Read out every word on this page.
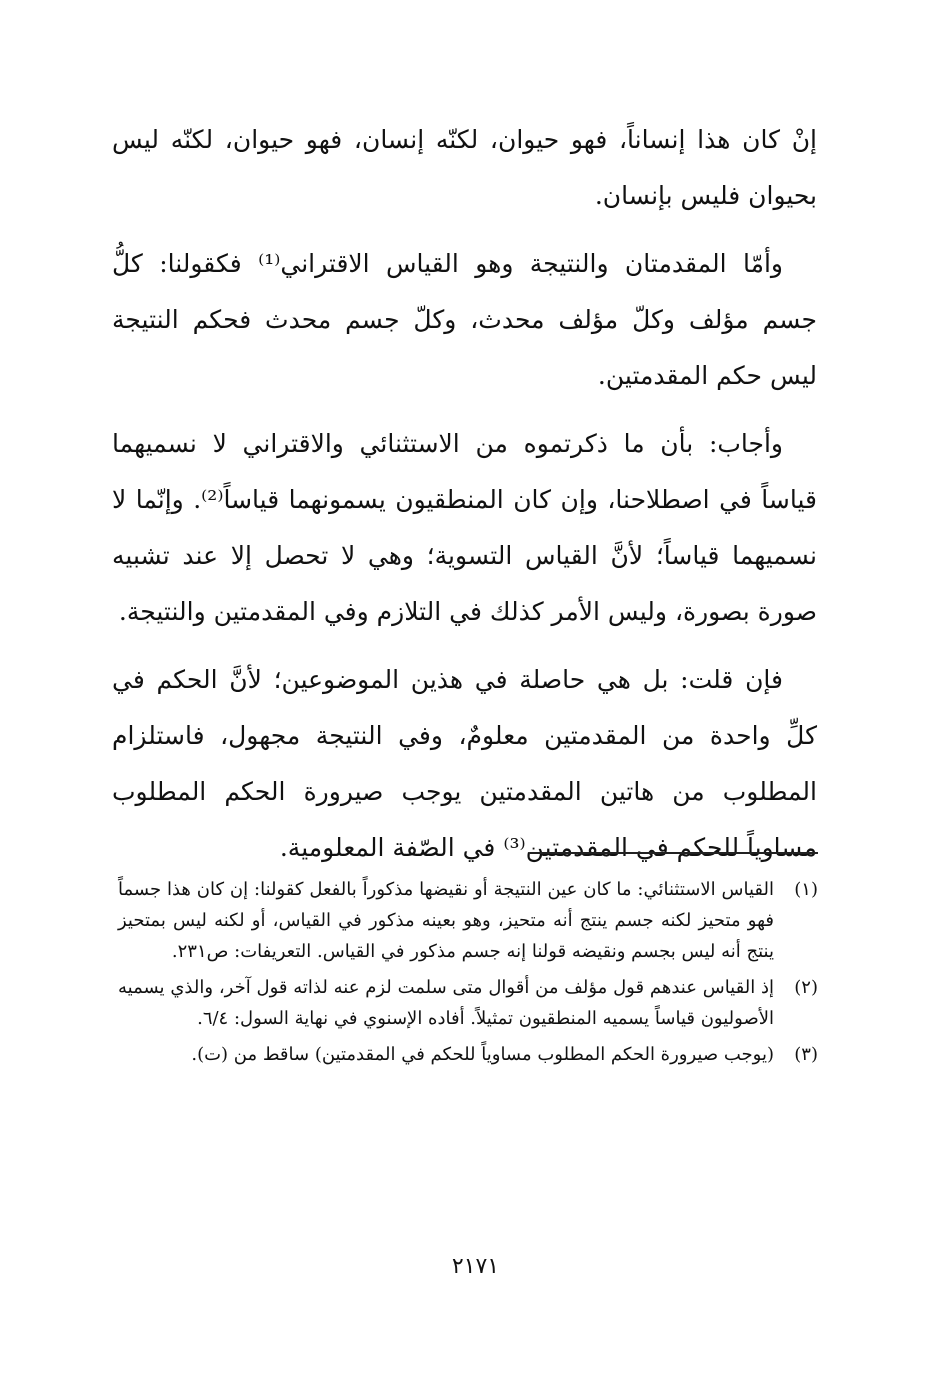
إنْ كان هذا إنساناً، فهو حيوان، لكنّه إنسان، فهو حيوان، لكنّه ليس بحيوان فليس بإنسان.

وأمّا المقدمتان والنتيجة وهو القياس الاقتراني⁽¹⁾ فكقولنا: كلُّ جسم مؤلف وكلّ مؤلف محدث، وكلّ جسم محدث فحكم النتيجة ليس حكم المقدمتين.

وأجاب: بأن ما ذكرتموه من الاستثنائي والاقتراني لا نسميهما قياساً في اصطلاحنا، وإن كان المنطقيون يسمونهما قياساً⁽²⁾. وإنّما لا نسميهما قياساً؛ لأنَّ القياس التسوية؛ وهي لا تحصل إلا عند تشبيه صورة بصورة، وليس الأمر كذلك في التلازم وفي المقدمتين والنتيجة.

فإن قلت: بل هي حاصلة في هذين الموضوعين؛ لأنَّ الحكم في كلِّ واحدة من المقدمتين معلومٌ، وفي النتيجة مجهول، فاستلزام المطلوب من هاتين المقدمتين يوجب صيرورة الحكم المطلوب مساوياً للحكم في المقدمتين⁽³⁾ في الصّفة المعلومية.

(١)
القياس الاستثنائي: ما كان عين النتيجة أو نقيضها مذكوراً بالفعل كقولنا: إن كان هذا جسماً فهو متحيز لكنه جسم ينتج أنه متحيز، وهو بعينه مذكور في القياس، أو لكنه ليس بمتحيز ينتج أنه ليس بجسم ونقيضه قولنا إنه جسم مذكور في القياس. التعريفات: ص٢٣١.
(٢)
إذ القياس عندهم قول مؤلف من أقوال متى سلمت لزم عنه لذاته قول آخر، والذي يسميه الأصوليون قياساً يسميه المنطقيون تمثيلاً. أفاده الإسنوي في نهاية السول: ٦/٤.
(٣)
(يوجب صيرورة الحكم المطلوب مساوياً للحكم في المقدمتين) ساقط من (ت).
٢١٧١
